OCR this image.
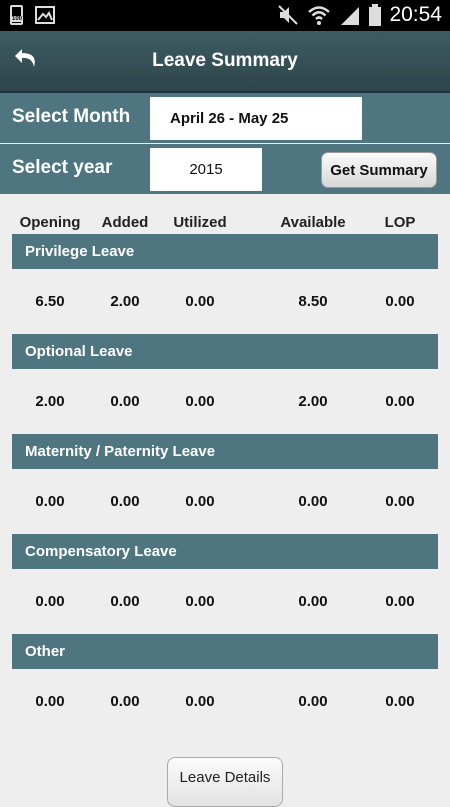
100	20:54
Leave Summary
Select Month	April 26 - May 25
Select year	2015	Get Summary
Opening	Added	Utilized	Available	LOP
Privilege Leave
6.50	2.00	0.00	8.50	0.00
Optional Leave
2.00	0.00	0.00	2.00	0.00
Maternity / Paternity Leave
0.00	0.00	0.00	0.00	0.00
Compensatory Leave
0.00	0.00	0.00	0.00	0.00
Other
0.00	0.00	0.00	0.00	0.00
Leave Details
